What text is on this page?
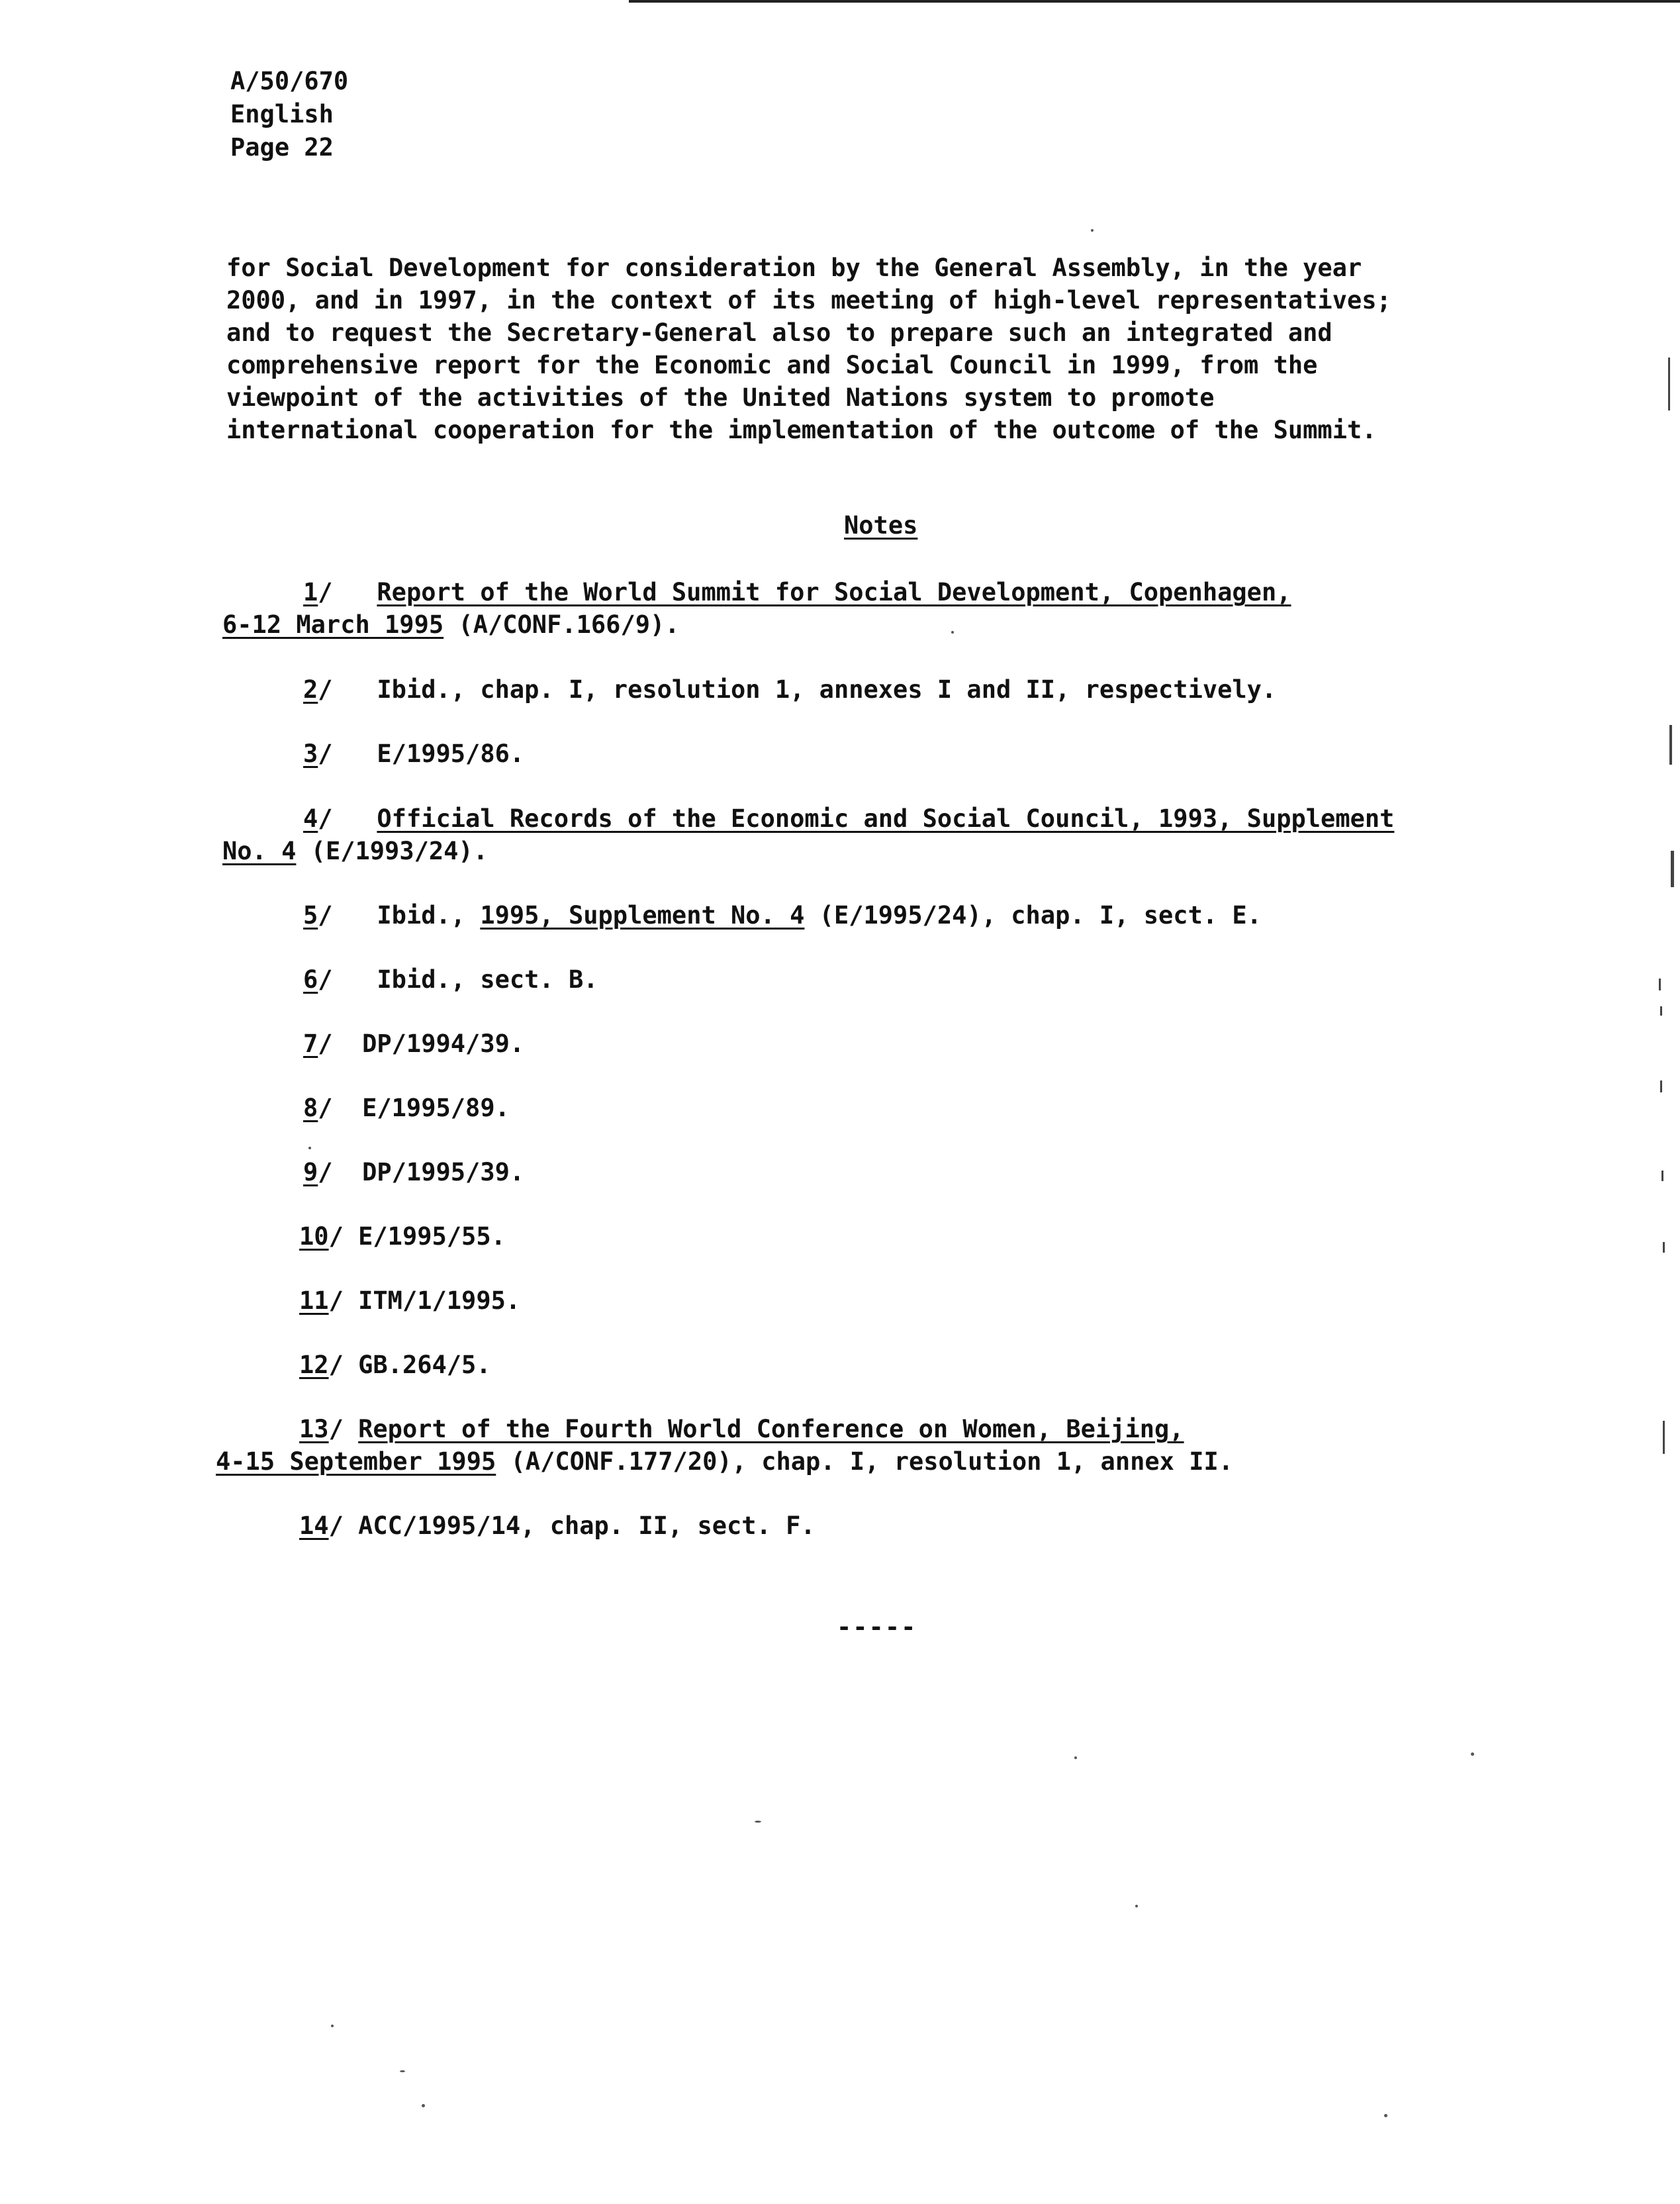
A/50/670
English
Page 22
for Social Development for consideration by the General Assembly, in the year
2000, and in 1997, in the context of its meeting of high-level representatives;
and to request the Secretary-General also to prepare such an integrated and
comprehensive report for the Economic and Social Council in 1999, from the
viewpoint of the activities of the United Nations system to promote
international cooperation for the implementation of the outcome of the Summit.
Notes
1/   Report of the World Summit for Social Development, Copenhagen,
6-12 March 1995 (A/CONF.166/9).
2/   Ibid., chap. I, resolution 1, annexes I and II, respectively.
3/   E/1995/86.
4/   Official Records of the Economic and Social Council, 1993, Supplement
No. 4 (E/1993/24).
5/   Ibid., 1995, Supplement No. 4 (E/1995/24), chap. I, sect. E.
6/   Ibid., sect. B.
7/  DP/1994/39.
8/  E/1995/89.
9/  DP/1995/39.
10/ E/1995/55.
11/ ITM/1/1995.
12/ GB.264/5.
13/ Report of the Fourth World Conference on Women, Beijing,
4-15 September 1995 (A/CONF.177/20), chap. I, resolution 1, annex II.
14/ ACC/1995/14, chap. II, sect. F.
-----
